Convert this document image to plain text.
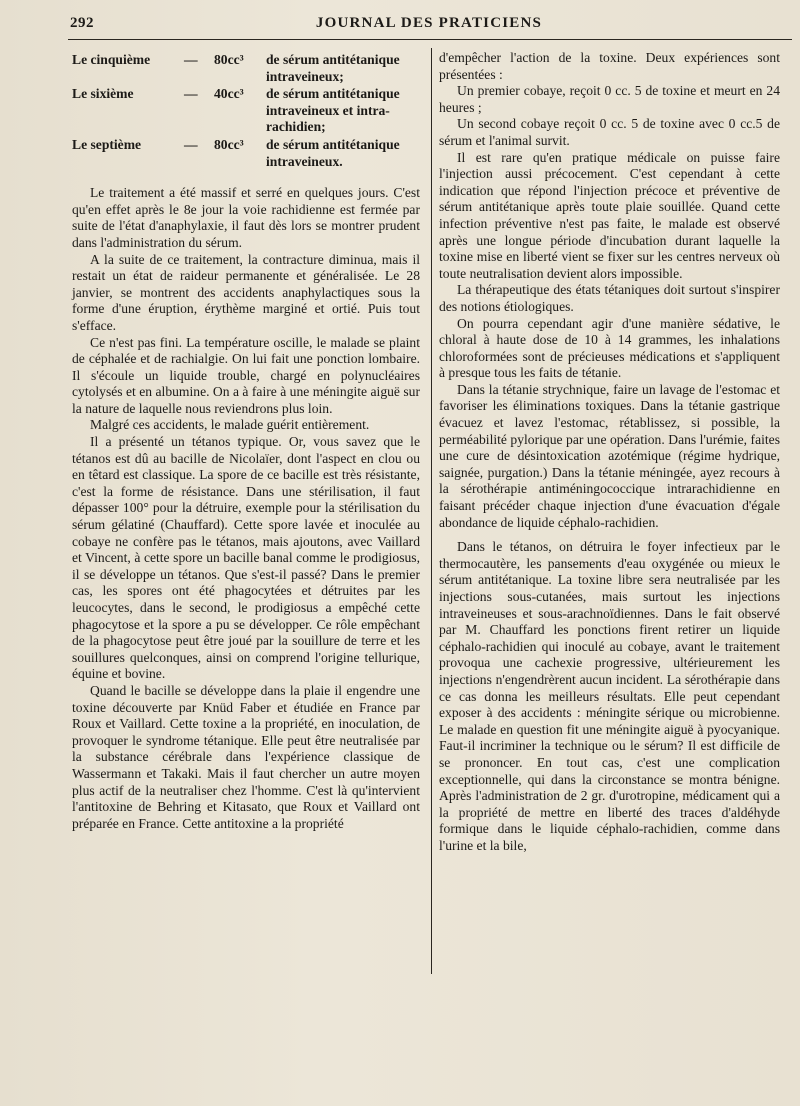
292	JOURNAL DES PRATICIENS
Le cinquième	—	80cc³	de sérum antitétanique intraveineux;
Le sixième	—	40cc³	de sérum antitétanique intraveineux et intra-rachidien;
Le septième	—	80cc³	de sérum antitétanique intraveineux.

Le traitement a été massif et serré en quelques jours. C'est qu'en effet après le 8e jour la voie rachidienne est fermée par suite de l'état d'anaphylaxie, il faut dès lors se montrer prudent dans l'administration du sérum.

A la suite de ce traitement, la contracture diminua, mais il restait un état de raideur permanente et généralisée. Le 28 janvier, se montrent des accidents anaphylactiques sous la forme d'une éruption, érythème marginé et ortié. Puis tout s'efface.

Ce n'est pas fini. La température oscille, le malade se plaint de céphalée et de rachialgie. On lui fait une ponction lombaire. Il s'écoule un liquide trouble, chargé en polynucléaires cytolysés et en albumine. On a à faire à une méningite aiguë sur la nature de laquelle nous reviendrons plus loin.

Malgré ces accidents, le malade guérit entièrement.

Il a présenté un tétanos typique. Or, vous savez que le tétanos est dû au bacille de Nicolaïer, dont l'aspect en clou ou en têtard est classique. La spore de ce bacille est très résistante, c'est la forme de résistance. Dans une stérilisation, il faut dépasser 100° pour la détruire, exemple pour la stérilisation du sérum gélatiné (Chauffard). Cette spore lavée et inoculée au cobaye ne confère pas le tétanos, mais ajoutons, avec Vaillard et Vincent, à cette spore un bacille banal comme le prodigiosus, il se développe un tétanos. Que s'est-il passé? Dans le premier cas, les spores ont été phagocytées et détruites par les leucocytes, dans le second, le prodigiosus a empêché cette phagocytose et la spore a pu se développer. Ce rôle empêchant de la phagocytose peut être joué par la souillure de terre et les souillures quelconques, ainsi on comprend l'origine tellurique, équine et bovine.

Quand le bacille se développe dans la plaie il engendre une toxine découverte par Knüd Faber et étudiée en France par Roux et Vaillard. Cette toxine a la propriété, en inoculation, de provoquer le syndrome tétanique. Elle peut être neutralisée par la substance cérébrale dans l'expérience classique de Wassermann et Takaki. Mais il faut chercher un autre moyen plus actif de la neutraliser chez l'homme. C'est là qu'intervient l'antitoxine de Behring et Kitasato, que Roux et Vaillard ont préparée en France. Cette antitoxine a la propriété

d'empêcher l'action de la toxine. Deux expériences sont présentées :

Un premier cobaye, reçoit 0 cc. 5 de toxine et meurt en 24 heures ;

Un second cobaye reçoit 0 cc. 5 de toxine avec 0 cc.5 de sérum et l'animal survit.

Il est rare qu'en pratique médicale on puisse faire l'injection aussi précocement. C'est cependant à cette indication que répond l'injection précoce et préventive de sérum antitétanique après toute plaie souillée. Quand cette infection préventive n'est pas faite, le malade est observé après une longue période d'incubation durant laquelle la toxine mise en liberté vient se fixer sur les centres nerveux où toute neutralisation devient alors impossible.

La thérapeutique des états tétaniques doit surtout s'inspirer des notions étiologiques.

On pourra cependant agir d'une manière sédative, le chloral à haute dose de 10 à 14 grammes, les inhalations chloroformées sont de précieuses médications et s'appliquent à presque tous les faits de tétanie.

Dans la tétanie strychnique, faire un lavage de l'estomac et favoriser les éliminations toxiques. Dans la tétanie gastrique évacuez et lavez l'estomac, rétablissez, si possible, la perméabilité pylorique par une opération. Dans l'urémie, faites une cure de désintoxication azotémique (régime hydrique, saignée, purgation.) Dans la tétanie méningée, ayez recours à la sérothérapie antiméningococcique intrarachidienne en faisant précéder chaque injection d'une évacuation d'égale abondance de liquide céphalo-rachidien.

Dans le tétanos, on détruira le foyer infectieux par le thermocautère, les pansements d'eau oxygénée ou mieux le sérum antitétanique. La toxine libre sera neutralisée par les injections sous-cutanées, mais surtout les injections intraveineuses et sous-arachnoïdiennes. Dans le fait observé par M. Chauffard les ponctions firent retirer un liquide céphalo-rachidien qui inoculé au cobaye, avant le traitement provoqua une cachexie progressive, ultérieurement les injections n'engendrèrent aucun incident. La sérothérapie dans ce cas donna les meilleurs résultats. Elle peut cependant exposer à des accidents : méningite sérique ou microbienne. Le malade en question fit une méningite aiguë à pyocyanique. Faut-il incriminer la technique ou le sérum? Il est difficile de se prononcer. En tout cas, c'est une complication exceptionnelle, qui dans la circonstance se montra bénigne. Après l'administration de 2 gr. d'urotropine, médicament qui a la propriété de mettre en liberté des traces d'aldéhyde formique dans le liquide céphalo-rachidien, comme dans l'urine et la bile,
